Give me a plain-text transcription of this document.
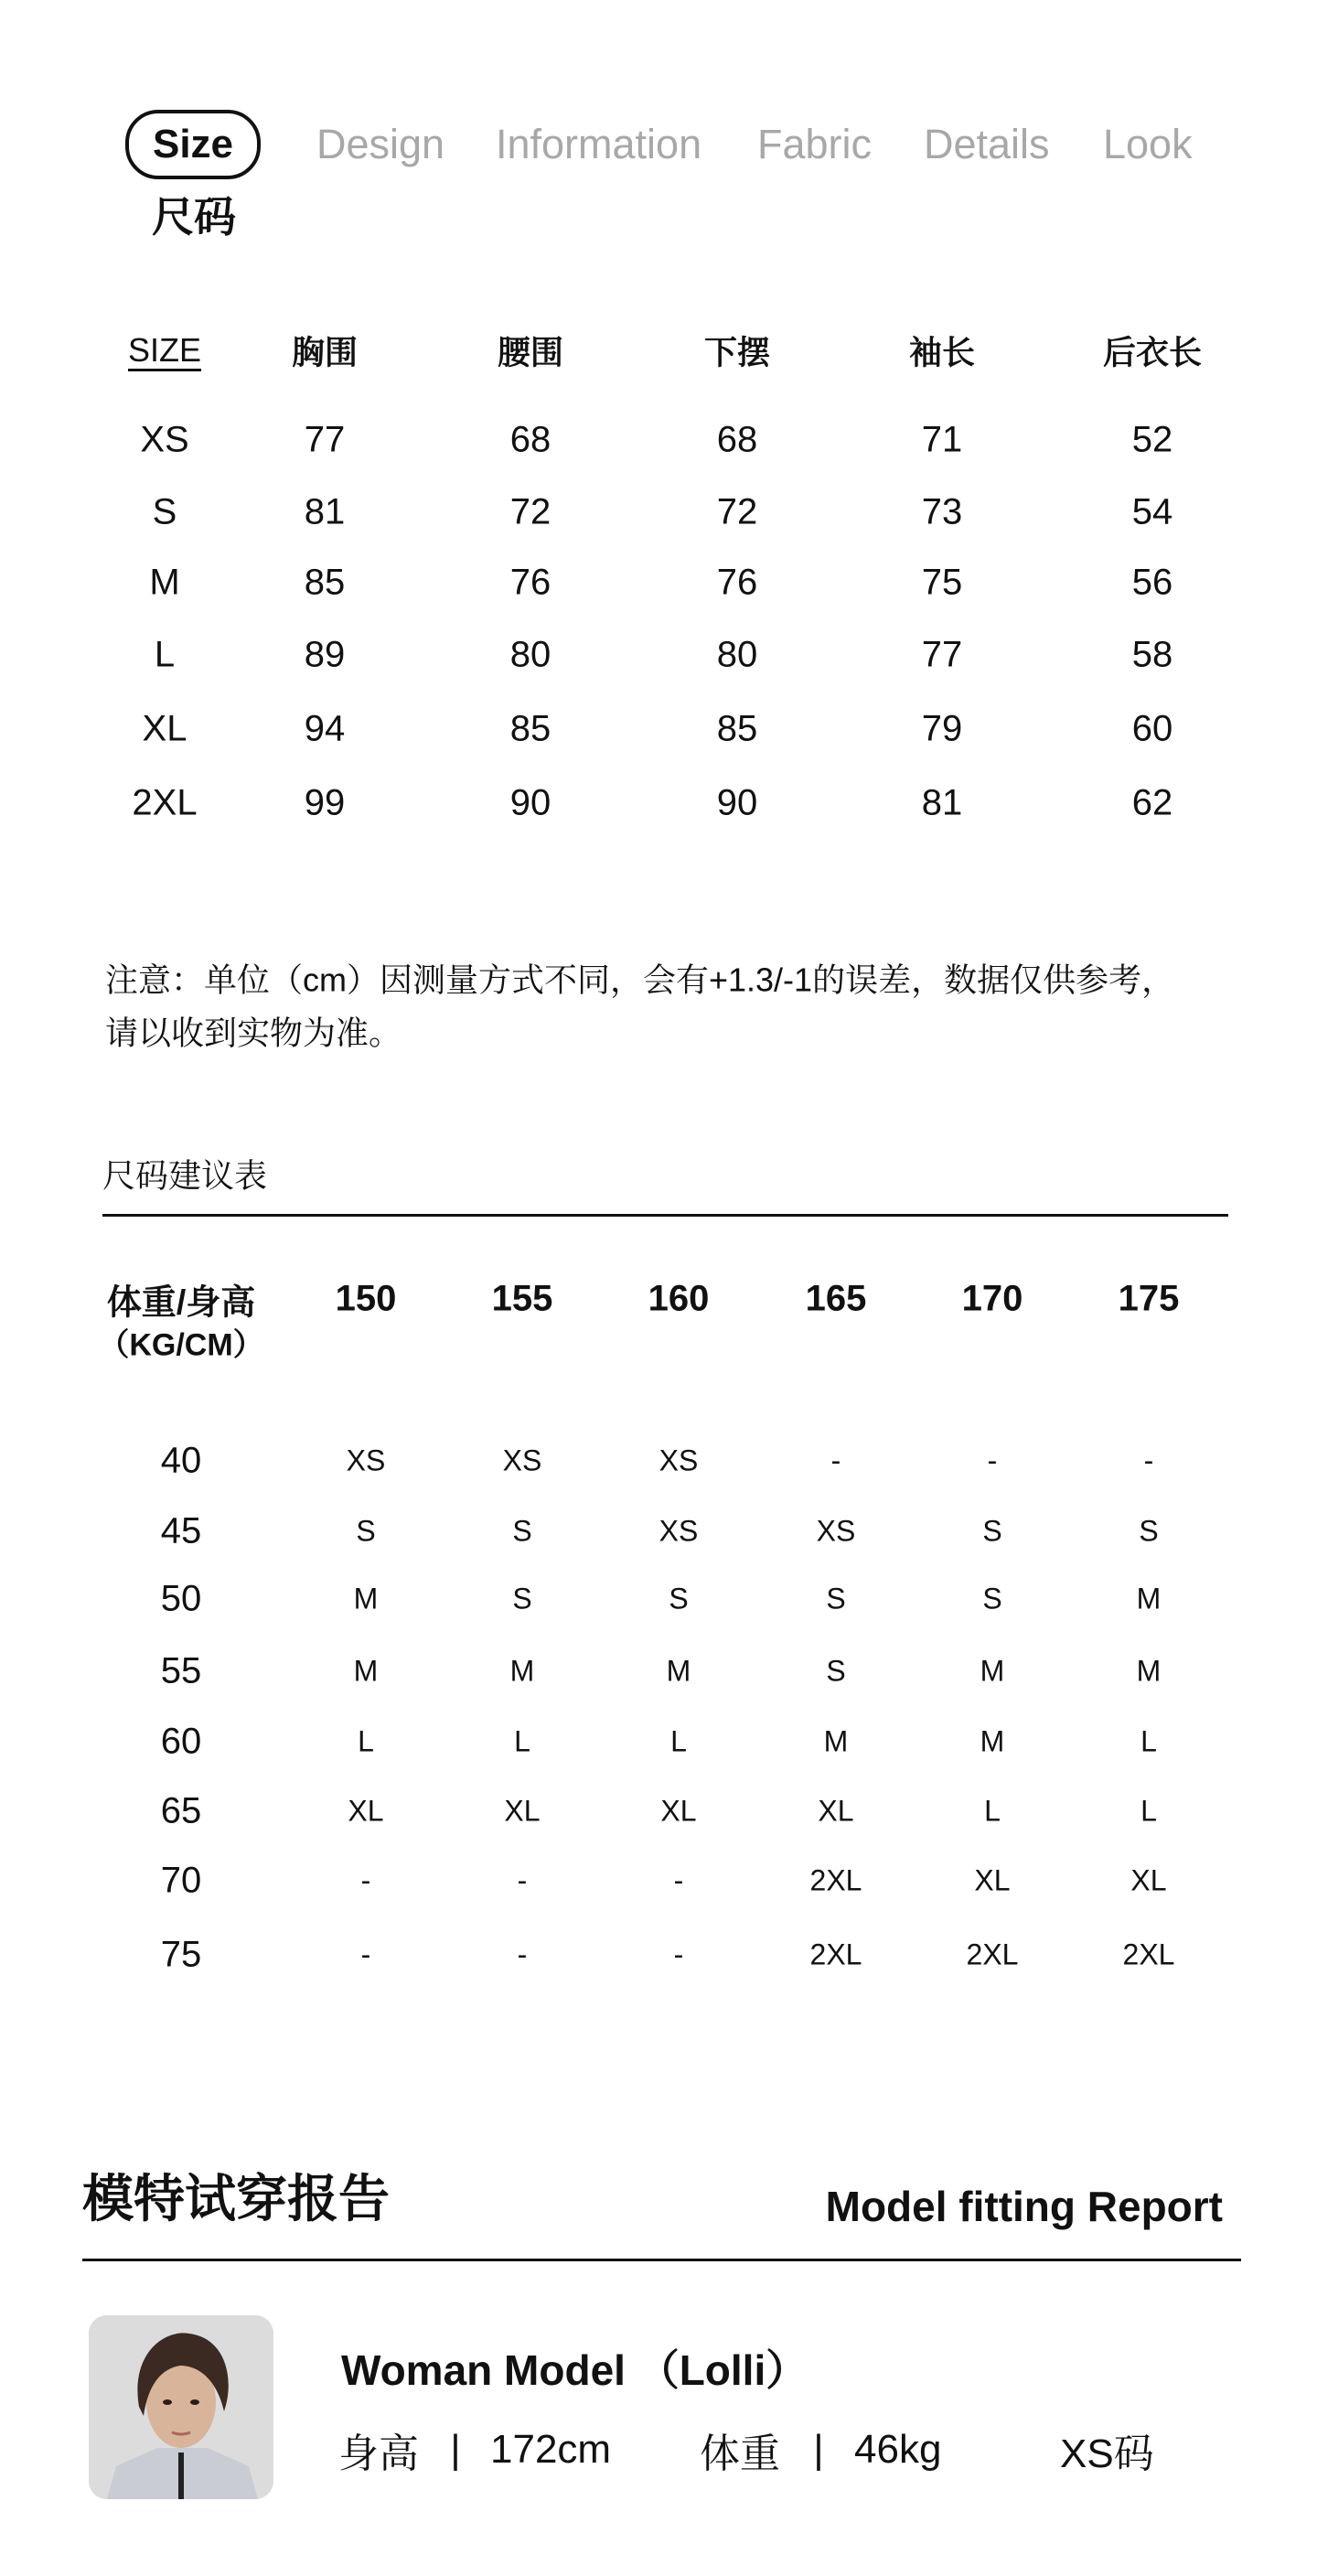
Size	Design Information Fabric Details Look
尺码
SIZE	胸围	腰围	下摆	袖长	后衣长
XS	77	68	68	71	52
S	81	72	72	73	54
M	85	76	76	75	56
L	89	80	80	77	58
XL	94	85	85	79	60
2XL	99	90	90	81	62
注意：单位（cm）因测量方式不同，会有+1.3/-1的误差，数据仅供参考，
请以收到实物为准。
尺码建议表
体重/身高
（KG/CM）
150	155	160	165	170	175
40	XS	XS	XS	-	-	-
45	S	S	XS	XS	S	S
50	M	S	S	S	S	M
55	M	M	M	S	M	M
60	L	L	L	M	M	L
65	XL	XL	XL	XL	L	L
70	-	-	-	2XL	XL	XL
75	-	-	-	2XL	2XL	2XL
模特试穿报告	Model fitting Report
Woman Model （Lolli）
身高 | 172cm 体重 | 46kg	XS码
